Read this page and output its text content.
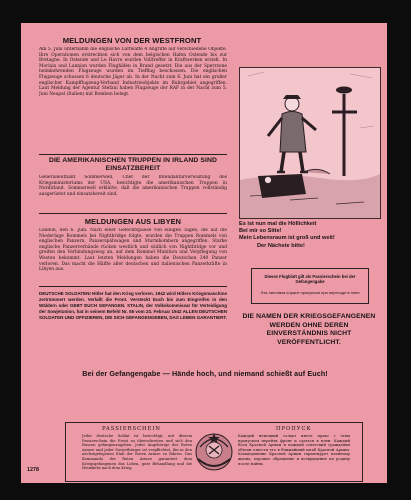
MELDUNGEN VON DER WESTFRONT
Am 5. Juni unternahm die englische Luftwaffe 4 Angriffe auf verschiedene Objekte. Ihre Operationen erstreckten sich von dem belgischen Hafen Ostende bis zur Bretagne. In Ostende und Le Havre wurden Volltreffer in Kraftwerken erzielt. In Morlaix und Lannion wurden Flughäfen in Brand gesetzt. Die aus der Sperrzone heimkehrenden Flugzeuge wurden im Tiefflug beschossen. Die englischen Flugzeuge schossen 6 deutsche Jäger ab. In der Nacht zum 6. Juni hat ein großer englischer Kampfflugzeug-Verband Industrieobjekte im Ruhrgebiet angegriffen. Laut Meldung der Agentur Stefani haben Flugzeuge der RAF in der Nacht zum 5. Juni Neapel (Italien) mit Bomben belegt.
DIE AMERIKANISCHEN TRUPPEN IN IRLAND SIND EINSATZBEREIT
Generalleutnant Sommerwell, Chef der Intendanturverwaltung des Kriegsministeriums der USA, besichtigte die amerikanischen Truppen in Nordirland. Sommerwell erklärte, daß die amerikanischen Truppen vollständig ausgerüstet und einsatzbereit sind.
MELDUNGEN AUS LIBYEN
London, den 6. Juni. Nach einer Gefechtspause von einigen Tagen, die auf die Niederlage Rommels bei Nightbridge folgte, wurden die Truppen Rommels von englischen Panzern, Panzerspähwagen und Sturmbombern angegriffen. Starke englische Panzerverbände rücken westlich und südlich von Nightbridge vor und greifen den Verbindungsweg an, auf dem Rommel Munition und Verpflegung von Westen bekommt. Laut letzten Meldungen haben die Deutschen 240 Panzer verloren. Das macht die Hälfte aller deutschen und italienischen Panzerkräfte in Libyen aus.
DEUTSCHE SOLDATEN! Hitler hat den Krieg verloren. 1942 wird Hitlers Kriegsmaschine zertrümmert werden. Verlaßt die Front. Versteckt Euch bis zum Eingreifen in den Wäldern oder GEBT EUCH GEFANGEN. STALIN, der Volkskommissar für Verteidigung der Sowjetunion, hat in seinem Befehl Nr. 55 vom 23. Februar 1942 ALLEN DEUTSCHEN SOLDATEN UND OFFIZIEREN, DIE SICH GEFANGENGEBEN, DAS LEBEN GARANTIERT.
Es ist nun mal die Höllichkeit
Bei mir so Sitte!
Mein Lebensraum ist groß und weit!
Der Nächste bitte!
Dieses Flugblatt gilt als Passierschein bei der Gefangengabe
Эта листовка служит пропуском при переходе в плен
DIE NAMEN DER KRIEGSGEFANGENEN WERDEN OHNE DEREN EINVERSTÄNDNIS NICHT VERÖFFENTLICHT.
Bei der Gefangengabe — Hände hoch, und niemand schießt auf Euch!
PASSIERSCHEIN	ПРОПУСК
Jeder deutsche Soldat ist berechtigt, mit diesem Passierschein die Front zu überschreiten und sich den Russen gefangenzugeben. Jeder Angehörige der Roten Armee und jeder Sowjetbürger ist verpflichtet, ihn in den nächstgelegenen Stab der Roten Armee zu führen. Das Kommando der Roten Armee garantiert dem Kriegsgefangenen das Leben, gute Behandlung und die Heimkehr nach dem Krieg.
Каждый немецкий солдат имеет право с этим пропуском перейти фронт и сдаться в плен. Каждый боец Красной Армии и каждый советский гражданин обязан отвести его в ближайший штаб Красной Армии. Командование Красной Армии гарантирует пленному жизнь, хорошее обращение и возвращение на родину после войны.
1278
